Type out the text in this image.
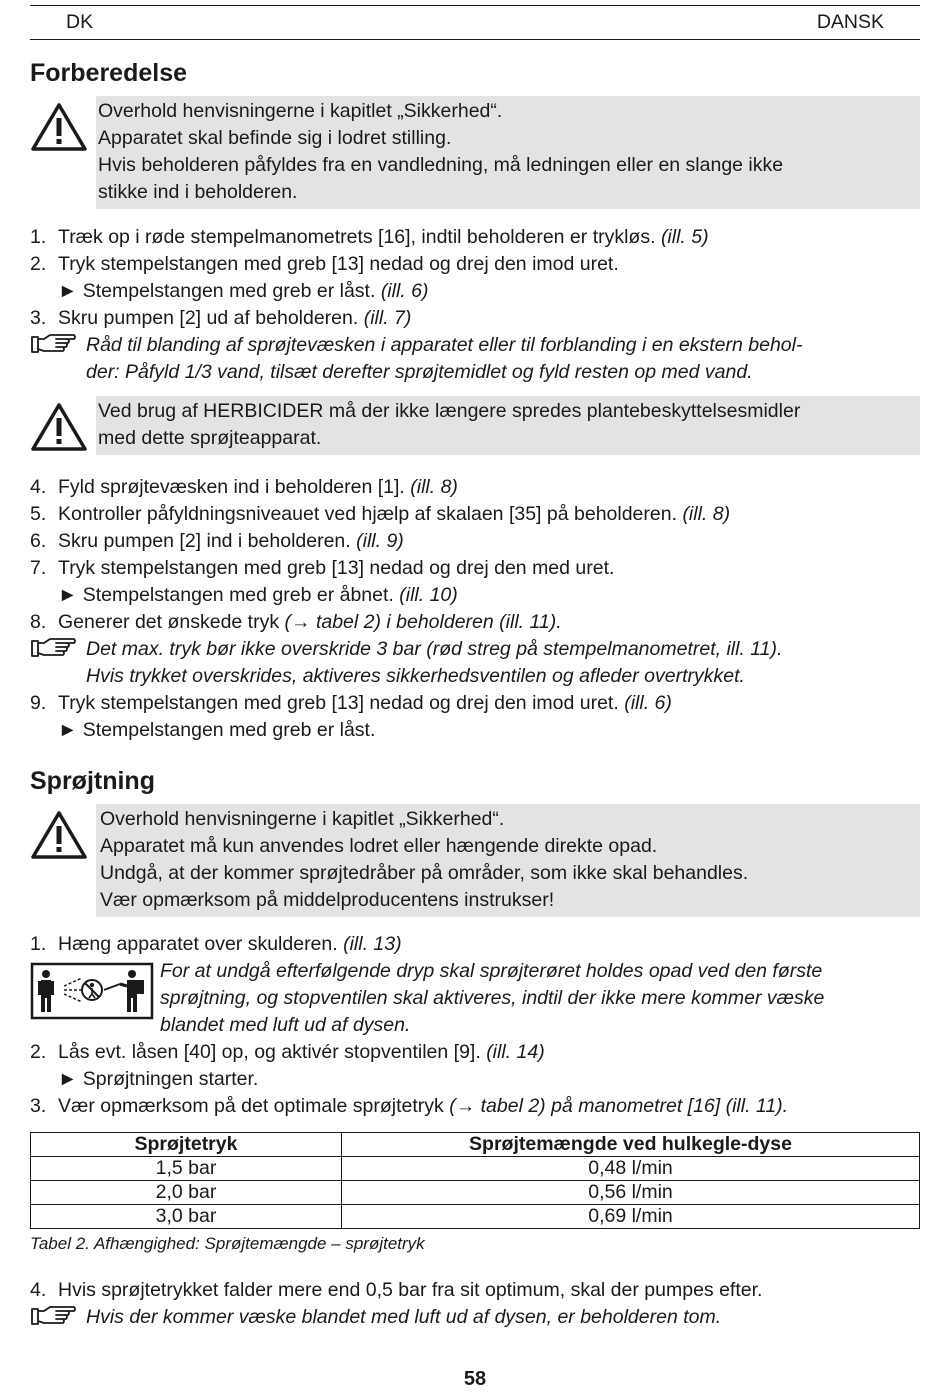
DK	DANSK
Forberedelse
Overhold henvisningerne i kapitlet „Sikkerhed“.
Apparatet skal befinde sig i lodret stilling.
Hvis beholderen påfyldes fra en vandledning, må ledningen eller en slange ikke
stikke ind i beholderen.
1. Træk op i røde stempelmanometrets [16], indtil beholderen er trykløs. (ill. 5)
2. Tryk stempelstangen med greb [13] nedad og drej den imod uret.
► Stempelstangen med greb er låst. (ill. 6)
3. Skru pumpen [2] ud af beholderen. (ill. 7)
Råd til blanding af sprøjtevæsken i apparatet eller til forblanding i en ekstern behol-
der: Påfyld 1/3 vand, tilsæt derefter sprøjtemidlet og fyld resten op med vand.
Ved brug af HERBICIDER må der ikke længere spredes plantebeskyttelsesmidler
med dette sprøjteapparat.
4. Fyld sprøjtevæsken ind i beholderen [1]. (ill. 8)
5. Kontroller påfyldningsniveauet ved hjælp af skalaen [35] på beholderen. (ill. 8)
6. Skru pumpen [2] ind i beholderen. (ill. 9)
7. Tryk stempelstangen med greb [13] nedad og drej den med uret.
► Stempelstangen med greb er åbnet. (ill. 10)
8. Generer det ønskede tryk (→ tabel 2) i beholderen (ill. 11).
Det max. tryk bør ikke overskride 3 bar (rød streg på stempelmanometret, ill. 11).
Hvis trykket overskrides, aktiveres sikkerhedsventilen og afleder overtrykket.
9. Tryk stempelstangen med greb [13] nedad og drej den imod uret. (ill. 6)
► Stempelstangen med greb er låst.
Sprøjtning
Overhold henvisningerne i kapitlet „Sikkerhed“.
Apparatet må kun anvendes lodret eller hængende direkte opad.
Undgå, at der kommer sprøjtedråber på områder, som ikke skal behandles.
Vær opmærksom på middelproducentens instrukser!
1. Hæng apparatet over skulderen. (ill. 13)
For at undgå efterfølgende dryp skal sprøjterøret holdes opad ved den første
sprøjtning, og stopventilen skal aktiveres, indtil der ikke mere kommer væske
blandet med luft ud af dysen.
2. Lås evt. låsen [40] op, og aktivér stopventilen [9]. (ill. 14)
► Sprøjtningen starter.
3. Vær opmærksom på det optimale sprøjtetryk (→ tabel 2) på manometret [16] (ill. 11).
Sprøjtetryk	Sprøjtemængde ved hulkegle-dyse
1,5 bar	0,48 l/min
2,0 bar	0,56 l/min
3,0 bar	0,69 l/min
Tabel 2. Afhængighed: Sprøjtemængde – sprøjtetryk
4. Hvis sprøjtetrykket falder mere end 0,5 bar fra sit optimum, skal der pumpes efter.
Hvis der kommer væske blandet med luft ud af dysen, er beholderen tom.
58
